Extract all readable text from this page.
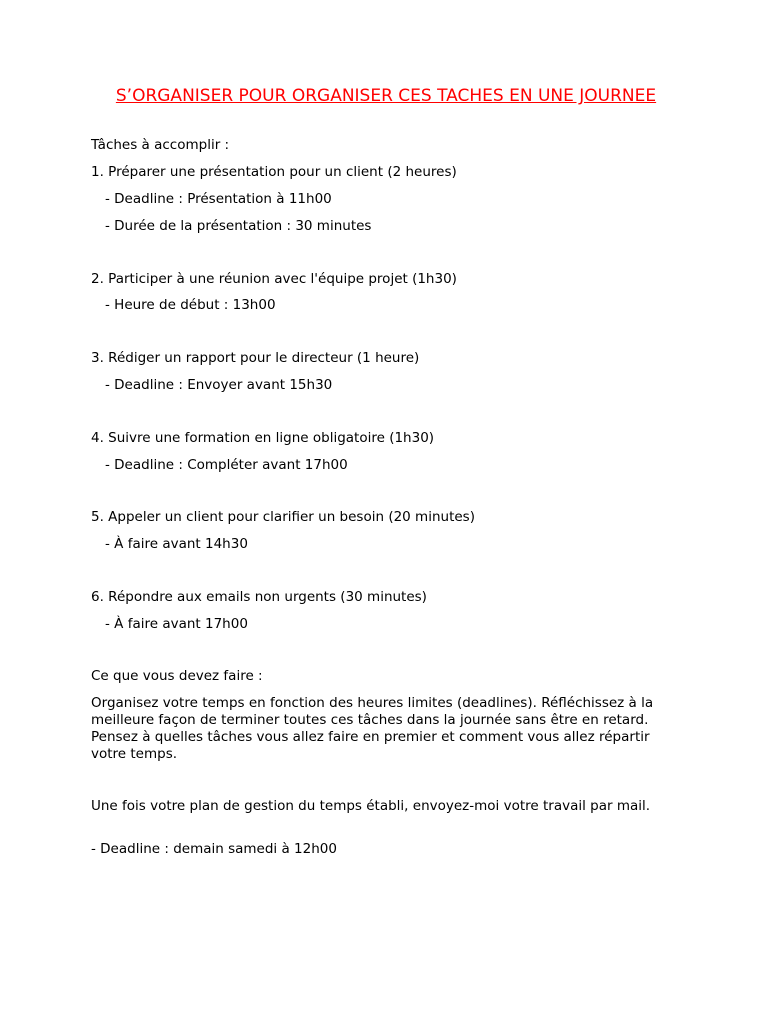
S’ORGANISER POUR ORGANISER CES TACHES EN UNE JOURNEE

Tâches à accomplir :

1. Préparer une présentation pour un client (2 heures)

- Deadline : Présentation à 11h00

- Durée de la présentation : 30 minutes

2. Participer à une réunion avec l'équipe projet (1h30)

- Heure de début : 13h00

3. Rédiger un rapport pour le directeur (1 heure)

- Deadline : Envoyer avant 15h30

4. Suivre une formation en ligne obligatoire (1h30)

- Deadline : Compléter avant 17h00

5. Appeler un client pour clarifier un besoin (20 minutes)

- À faire avant 14h30

6. Répondre aux emails non urgents (30 minutes)

- À faire avant 17h00

Ce que vous devez faire :

Organisez votre temps en fonction des heures limites (deadlines). Réfléchissez à la meilleure façon de terminer toutes ces tâches dans la journée sans être en retard. Pensez à quelles tâches vous allez faire en premier et comment vous allez répartir votre temps.

Une fois votre plan de gestion du temps établi, envoyez-moi votre travail par mail.

- Deadline : demain samedi à 12h00
